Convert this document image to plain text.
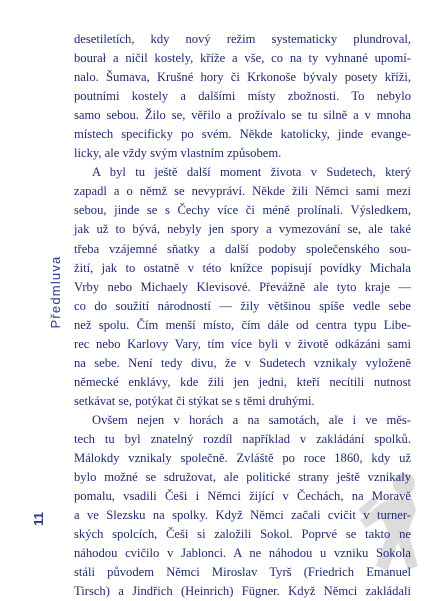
desetiletích, kdy nový režim systematicky plundroval,
bourał a ničil kostely, kříže a vše, co na ty vyhnané upomí-
nalo. Šumava, Krušné hory či Krkonoše bývaly posety kříži,
poutními kostely a dalšími místy zbožnosti. To nebylo
samo sebou. Žilo se, věřilo a prožívalo se tu silně a v mnoha
místech specificky po svém. Někde katolicky, jinde evange-
licky, ale vždy svým vlastním způsobem.
A byl tu ještě další moment života v Sudetech, který
zapadl a o němž se nevypráví. Někde žili Němci sami mezi
sebou, jinde se s Čechy více či méně prolínali. Výsledkem,
jak už to bývá, nebyly jen spory a vymezování se, ale také
třeba vzájemné sňatky a další podoby společenského sou-
žití, jak to ostatně v této knížce popisují povídky Michala
Vrby nebo Michaely Klevisové. Převážně ale tyto kraje —
co do soužití národností — žily většinou spíše vedle sebe
než spolu. Čím menší místo, čím dále od centra typu Libe-
rec nebo Karlovy Vary, tím více byli v životě odkázáni sami
na sebe. Není tedy divu, že v Sudetech vznikaly vyloženě
německé enklávy, kde žili jen jedni, kteří necítili nutnost
setkávat se, potýkat či stýkat se s těmi druhými.
Ovšem nejen v horách a na samotách, ale i ve měs-
tech tu byl znatelný rozdíl například v zakládání spolků.
Málokdy vznikaly společně. Zvláště po roce 1860, kdy už
bylo možné se sdružovat, ale politické strany ještě vznikaly
pomalu, vsadili Češi i Němci žijící v Čechách, na Moravě
a ve Slezsku na spolky. Když Němci začali cvičit v turner-
ských spolcích, Češi si založili Sokol. Poprvé se takto ne
náhodou cvičilo v Jablonci. A ne náhodou u vzniku Sokola
stáli původem Němci Miroslav Tyrš (Friedrich Emanuel
Tirsch) a Jindřich (Heinrich) Fügner. Když Němci zakládali
Předmluva
11
